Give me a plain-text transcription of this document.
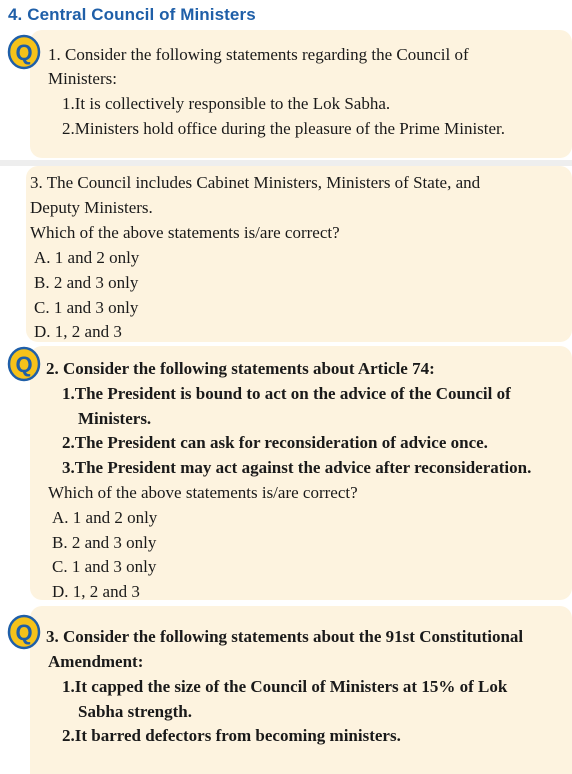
4. Central Council of Ministers
Q 1. Consider the following statements regarding the Council of
Ministers:
1.It is collectively responsible to the Lok Sabha.
2.Ministers hold office during the pleasure of the Prime Minister.
3. The Council includes Cabinet Ministers, Ministers of State, and
Deputy Ministers.
Which of the above statements is/are correct?
A. 1 and 2 only
B. 2 and 3 only
C. 1 and 3 only
D. 1, 2 and 3
Q 2. Consider the following statements about Article 74:
1.The President is bound to act on the advice of the Council of
Ministers.
2.The President can ask for reconsideration of advice once.
3.The President may act against the advice after reconsideration.
Which of the above statements is/are correct?
A. 1 and 2 only
B. 2 and 3 only
C. 1 and 3 only
D. 1, 2 and 3
Q 3. Consider the following statements about the 91st Constitutional
Amendment:
1.It capped the size of the Council of Ministers at 15% of Lok
Sabha strength.
2.It barred defectors from becoming ministers.
